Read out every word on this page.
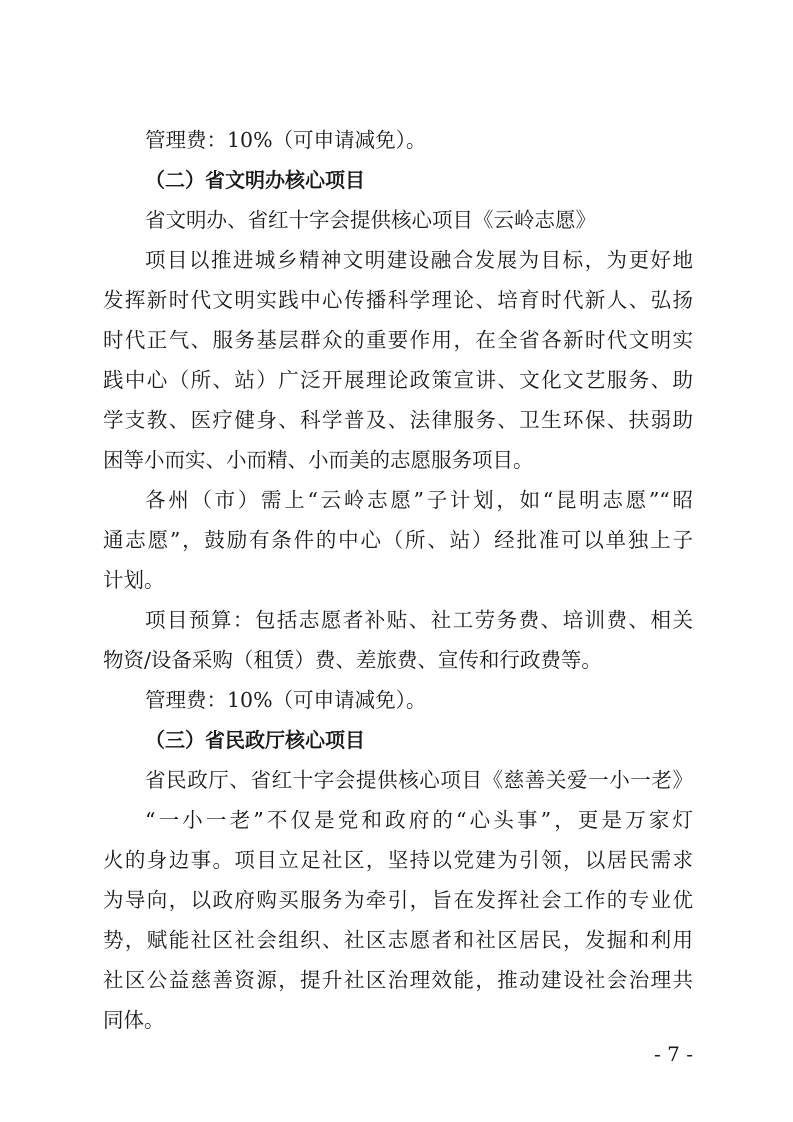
管理费：10%（可申请减免）。
（二）省文明办核心项目
省文明办、省红十字会提供核心项目《云岭志愿》
项目以推进城乡精神文明建设融合发展为目标，为更好地
发挥新时代文明实践中心传播科学理论、培育时代新人、弘扬
时代正气、服务基层群众的重要作用，在全省各新时代文明实
践中心（所、站）广泛开展理论政策宣讲、文化文艺服务、助
学支教、医疗健身、科学普及、法律服务、卫生环保、扶弱助
困等小而实、小而精、小而美的志愿服务项目。
各州（市）需上“云岭志愿”子计划，如“昆明志愿”“昭
通志愿”，鼓励有条件的中心（所、站）经批准可以单独上子
计划。
项目预算：包括志愿者补贴、社工劳务费、培训费、相关
物资/设备采购（租赁）费、差旅费、宣传和行政费等。
管理费：10%（可申请减免）。
（三）省民政厅核心项目
省民政厅、省红十字会提供核心项目《慈善关爱一小一老》
“一小一老”不仅是党和政府的“心头事”，更是万家灯
火的身边事。项目立足社区，坚持以党建为引领，以居民需求
为导向，以政府购买服务为牵引，旨在发挥社会工作的专业优
势，赋能社区社会组织、社区志愿者和社区居民，发掘和利用
社区公益慈善资源，提升社区治理效能，推动建设社会治理共
同体。
- 7 -
